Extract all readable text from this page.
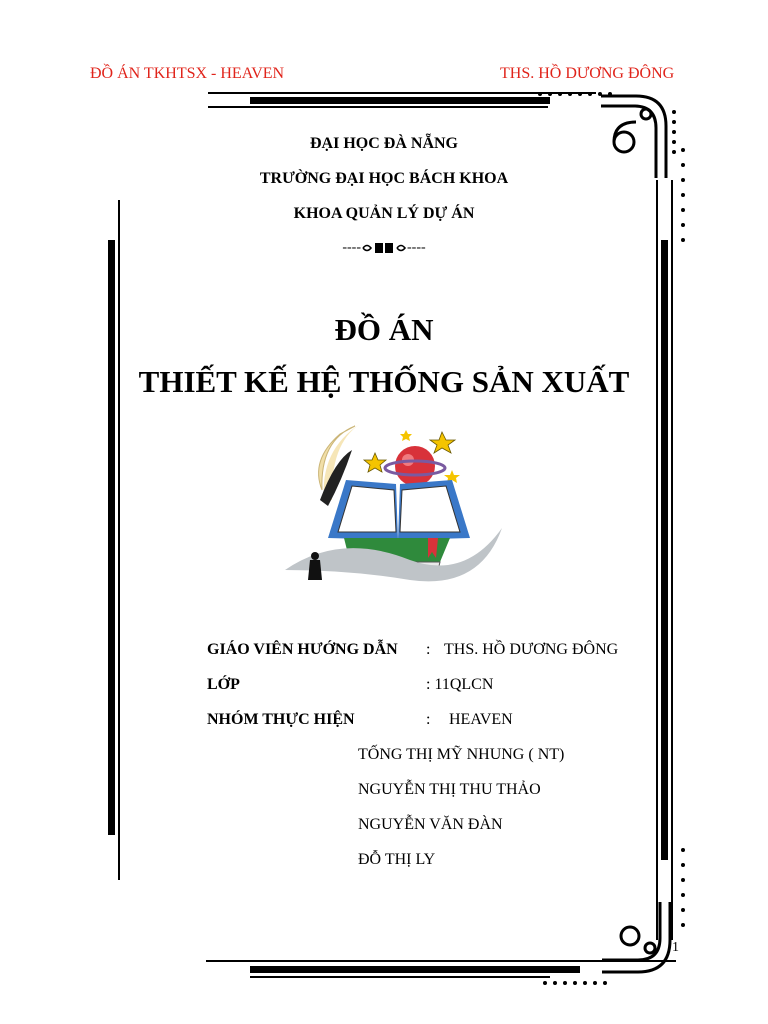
ĐỒ ÁN TKHTSX - HEAVEN	THS. HỒ DƯƠNG ĐÔNG
ĐẠI HỌC ĐÀ NẴNG
TRƯỜNG ĐẠI HỌC BÁCH KHOA
KHOA QUẢN LÝ DỰ ÁN
----	----
ĐỒ ÁN
THIẾT KẾ HỆ THỐNG SẢN XUẤT
GIÁO VIÊN HƯỚNG DẪN : THS. HỒ DƯƠNG ĐÔNG
LỚP	: 11QLCN
NHÓM THỰC HIỆN	: HEAVEN
TỐNG THỊ MỸ NHUNG ( NT)
NGUYỄN THỊ THU THẢO
NGUYỄN VĂN ĐÀN
ĐỖ THỊ LY
1
